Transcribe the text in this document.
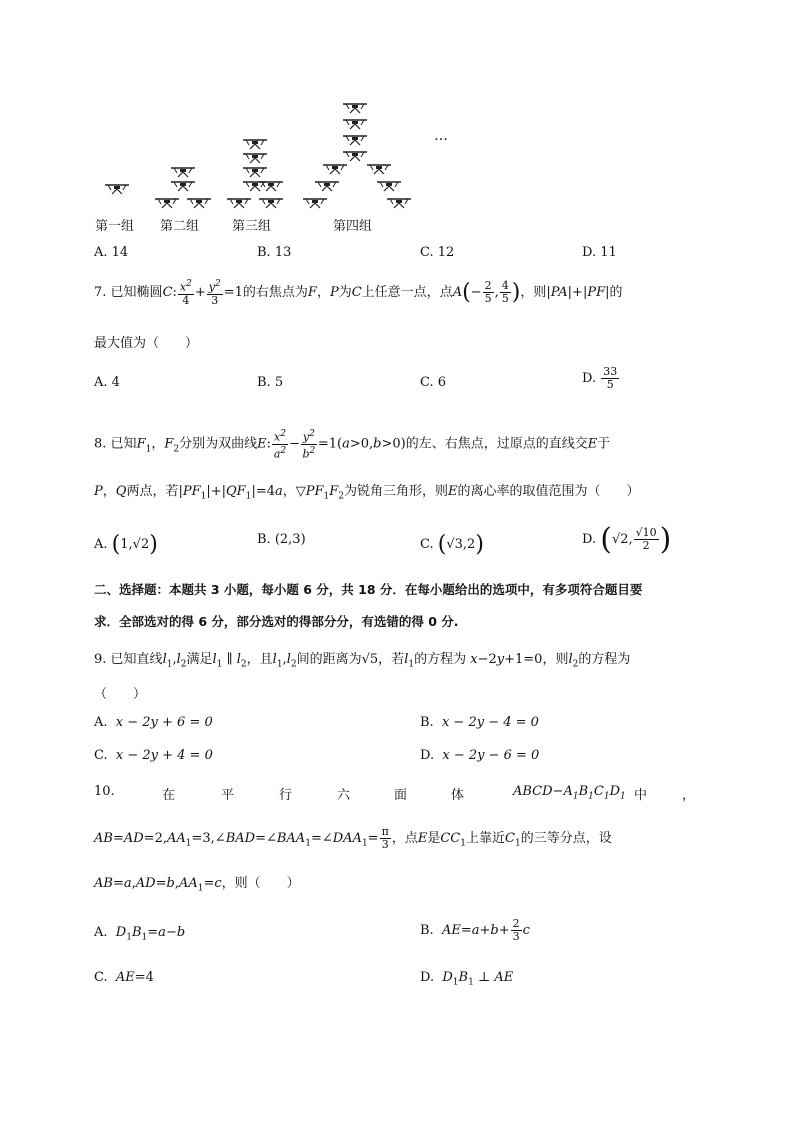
…
第一组 第二组	第三组	第四组
A. 14	B. 13	C. 12	D. 11
7. 已知椭圆C: $\frac{x^2}{4} + \frac{y^2}{3} =1$的右焦点为F，P为C上任意一点，点$A(- \frac{2}{5}$ , $\frac{4}{5}$ )，则|PA|+|PF|的
最大值为（　　）
A. 4	B. 5	C. 6	D. $\frac{33}{5}$
8. 已知$F_1$，$F_2$分别为双曲线E: $\frac{x^2}{a^2} - \frac{y^2}{b^2} =1(a>0,b>0)$的左、右焦点，过原点的直线交E于
P，Q两点，若$|PF_1|+|QF_1|=4a$，$▽PF_1F_2$为锐角三角形，则E的离心率的取值范围为（　　）
A. (1,√2)	B. (2,3)	C. (√3,2)	D. (√2, $\frac{√10}{2}$ )
二、选择题：本题共 3 小题，每小题 6 分，共 18 分．在每小题给出的选项中，有多项符合题目要
求．全部选对的得 6 分，部分选对的得部分分，有选错的得 0 分.
9. 已知直线$l_1,l_2$满足$l_1$ ∥ $l_2$，且$l_1,l_2$间的距离为√5，若$l_1$的方程为 x−2y+1=0，则$l_2$的方程为
（　　）
A. x − 2y + 6 = 0	B. x − 2y − 4 = 0
C. x − 2y + 4 = 0	D. x − 2y − 6 = 0
10.	在	平	行	六	面	体	$ABCD-A_1B_1C_1D_1$ 中	，
$AB=AD=2,AA_1=3,\angle BAD=\angle BAA_1=\angle DAA_1= \frac{\pi}{3}$ ，点E是$CC_1$上靠近$C_1$的三等分点，设
$AB=a,AD=b,AA_1=c$，则（　　）
A. $D_1B_1=a-b$	B. $AE=a+b+ \frac{2}{3}$ c
C. AE=4	D. $D_1B_1$ ⊥ AE
